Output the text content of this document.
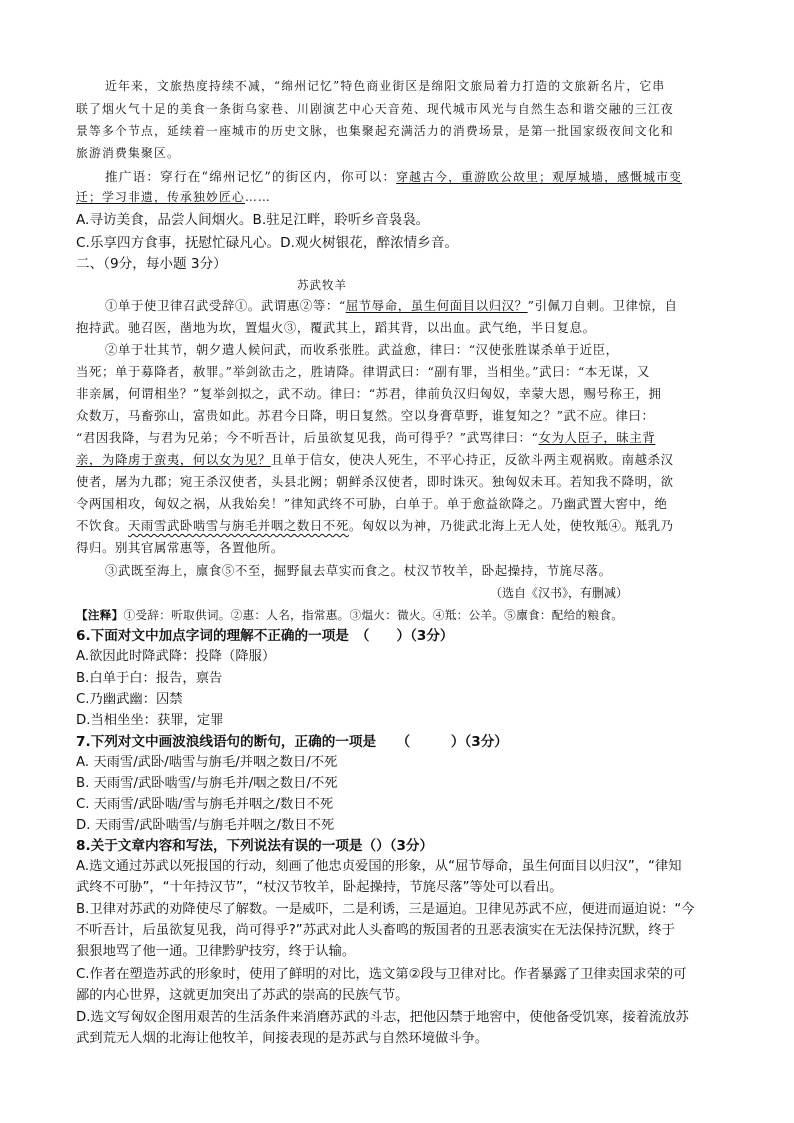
近年来，文旅热度持续不减，“绵州记忆”特色商业街区是绵阳文旅局着力打造的文旅新名片，它串
联了烟火气十足的美食一条街乌家巷、川剧演艺中心天音苑、现代城市风光与自然生态和谐交融的三江夜
景等多个节点，延续着一座城市的历史文脉，也集聚起充满活力的消费场景，是第一批国家级夜间文化和
旅游消费集聚区。
推广语：穿行在“绵州记忆”的街区内，你可以：穿越古今，重游欧公故里；观厚城墙，感慨城市变
迁；学习非遗，传承独妙匠心……
A.寻访美食，品尝人间烟火。B.驻足江畔，聆听乡音袅袅。
C.乐享四方食事，抚慰忙碌凡心。D.观火树银花，醉浓情乡音。
二、（9分，每小题 3分）
苏武牧羊
①单于使卫律召武受辞①。武谓惠②等：“屈节辱命，虽生何面目以归汉？”引佩刀自刺。卫律惊，自
抱持武。驰召医，凿地为坎，置煴火③，覆武其上，蹈其背，以出血。武气绝，半日复息。
②单于壮其节，朝夕遣人候问武，而收系张胜。武益愈，律曰：“汉使张胜谋杀单于近臣，
当死；单于募降者，赦罪。”举剑欲击之，胜请降。律谓武曰：“副有罪，当相坐。”武曰：“本无谋，又
非亲属，何谓相坐？”复举剑拟之，武不动。律曰：“苏君，律前负汉归匈奴，幸蒙大恩，赐号称王，拥
众数万，马畜弥山，富贵如此。苏君今日降，明日复然。空以身膏草野，谁复知之？”武不应。律曰：
“君因我降，与君为兄弟；今不听吾计，后虽欲复见我，尚可得乎？”武骂律曰：“女为人臣子，昧主背
亲，为降虏于蛮夷，何以女为见？且单于信女，使决人死生，不平心持正，反欲斗两主观祸败。南越杀汉
使者，屠为九郡；宛王杀汉使者，头县北阙；朝鲜杀汉使者，即时诛灭。独匈奴未耳。若知我不降明，欲
令两国相攻，匈奴之祸，从我始矣！”律知武终不可胁，白单于。单于愈益欲降之。乃幽武置大窖中，绝
不饮食。天雨雪武卧啮雪与旃毛并咽之数日不死。匈奴以为神，乃徙武北海上无人处，使牧羝④。羝乳乃
得归。别其官属常惠等，各置他所。
③武既至海上，廪食⑤不至，掘野鼠去草实而食之。杖汉节牧羊，卧起操持，节旄尽落。
（选自《汉书》，有删减）
【注释】①受辞：听取供词。②惠：人名，指常惠。③煴火：微火。④羝：公羊。⑤廪食：配给的粮食。
6.下面对文中加点字词的理解不正确的一项是　（　　）（3分）
A.欲因此时降武降：投降（降服）
B.白单于白：报告，禀告
C.乃幽武幽：囚禁
D.当相坐坐：获罪，定罪
7.下列对文中画波浪线语句的断句，正确的一项是　　（　　　）（3分）
A. 天雨雪/武卧/啮雪与旃毛/并咽之数日/不死
B. 天雨雪/武卧啮雪/与旃毛并/咽之数日/不死
C. 天雨雪/武卧啮/雪与旃毛并咽之/数日不死
D. 天雨雪/武卧啮雪/与旃毛并咽之/数日不死
8.关于文章内容和写法，下列说法有误的一项是（）（3分）
A.选文通过苏武以死报国的行动，刻画了他忠贞爱国的形象，从“屈节辱命，虽生何面目以归汉”，“律知
武终不可胁”，“十年持汉节”，“杖汉节牧羊，卧起操持，节旄尽落”等处可以看出。
B.卫律对苏武的劝降使尽了解数。一是威吓，二是利诱，三是逼迫。卫律见苏武不应，便进而逼迫说：“今
不听吾计，后虽欲复见我，尚可得乎?”苏武对此人头畜鸣的叛国者的丑恶表演实在无法保持沉默，终于
狠狠地骂了他一通。卫律黔驴技穷，终于认输。
C.作者在塑造苏武的形象时，使用了鲜明的对比，选文第②段与卫律对比。作者暴露了卫律卖国求荣的可
鄙的内心世界，这就更加突出了苏武的崇高的民族气节。
D.选文写匈奴企图用艰苦的生活条件来消磨苏武的斗志，把他囚禁于地窖中，使他备受饥寒，接着流放苏
武到荒无人烟的北海让他牧羊，间接表现的是苏武与自然环境做斗争。
